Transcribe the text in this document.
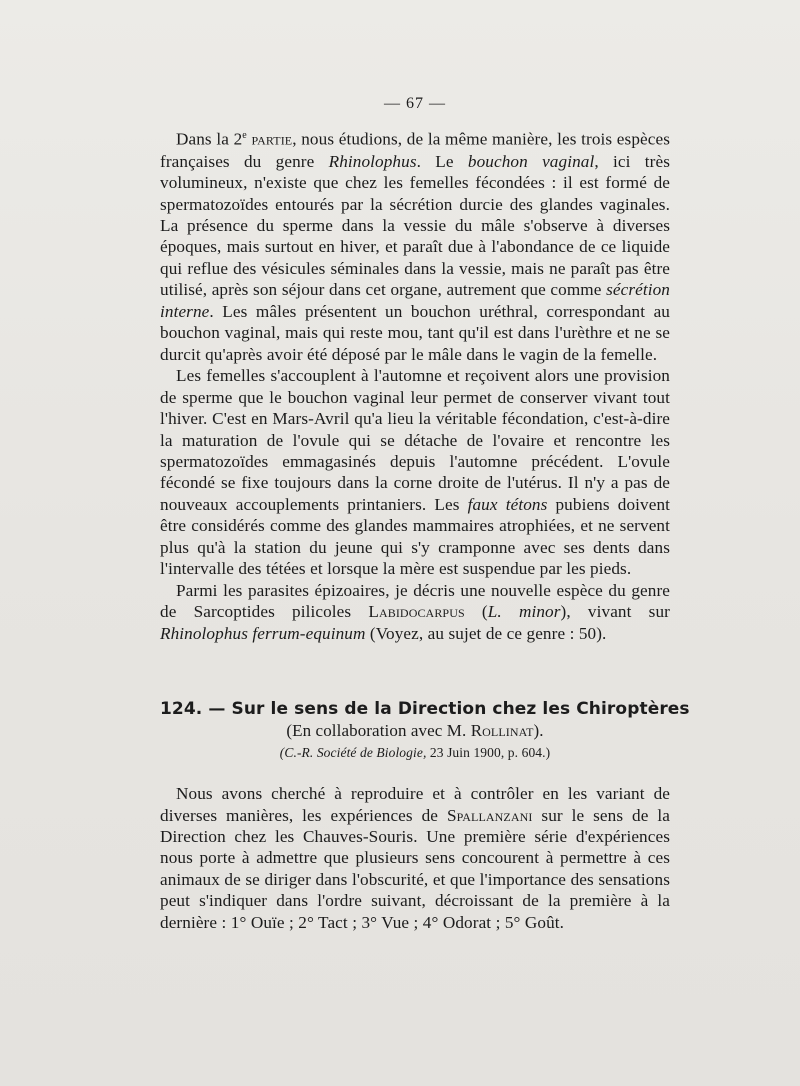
— 67 —

Dans la 2e partie, nous étudions, de la même manière, les trois espèces françaises du genre Rhinolophus. Le bouchon vaginal, ici très volumineux, n'existe que chez les femelles fécondées : il est formé de spermatozoïdes entourés par la sécrétion durcie des glandes vaginales. La présence du sperme dans la vessie du mâle s'observe à diverses époques, mais surtout en hiver, et paraît due à l'abondance de ce liquide qui reflue des vésicules séminales dans la vessie, mais ne paraît pas être utilisé, après son séjour dans cet organe, autrement que comme sécrétion interne. Les mâles présentent un bouchon uréthral, correspondant au bouchon vaginal, mais qui reste mou, tant qu'il est dans l'urèthre et ne se durcit qu'après avoir été déposé par le mâle dans le vagin de la femelle.

Les femelles s'accouplent à l'automne et reçoivent alors une provision de sperme que le bouchon vaginal leur permet de conserver vivant tout l'hiver. C'est en Mars-Avril qu'a lieu la véritable fécondation, c'est-à-dire la maturation de l'ovule qui se détache de l'ovaire et rencontre les spermatozoïdes emmagasinés depuis l'automne précédent. L'ovule fécondé se fixe toujours dans la corne droite de l'utérus. Il n'y a pas de nouveaux accouplements printaniers. Les faux tétons pubiens doivent être considérés comme des glandes mammaires atrophiées, et ne servent plus qu'à la station du jeune qui s'y cramponne avec ses dents dans l'intervalle des tétées et lorsque la mère est suspendue par les pieds.

Parmi les parasites épizoaires, je décris une nouvelle espèce du genre de Sarcoptides pilicoles Labidocarpus (L. minor), vivant sur Rhinolophus ferrum-equinum (Voyez, au sujet de ce genre : 50).

124. — Sur le sens de la Direction chez les Chiroptères
(En collaboration avec M. Rollinat).
(C.-R. Société de Biologie, 23 Juin 1900, p. 604.)

Nous avons cherché à reproduire et à contrôler en les variant de diverses manières, les expériences de Spallanzani sur le sens de la Direction chez les Chauves-Souris. Une première série d'expériences nous porte à admettre que plusieurs sens concourent à permettre à ces animaux de se diriger dans l'obscurité, et que l'importance des sensations peut s'indiquer dans l'ordre suivant, décroissant de la première à la dernière : 1° Ouïe ; 2° Tact ; 3° Vue ; 4° Odorat ; 5° Goût.
